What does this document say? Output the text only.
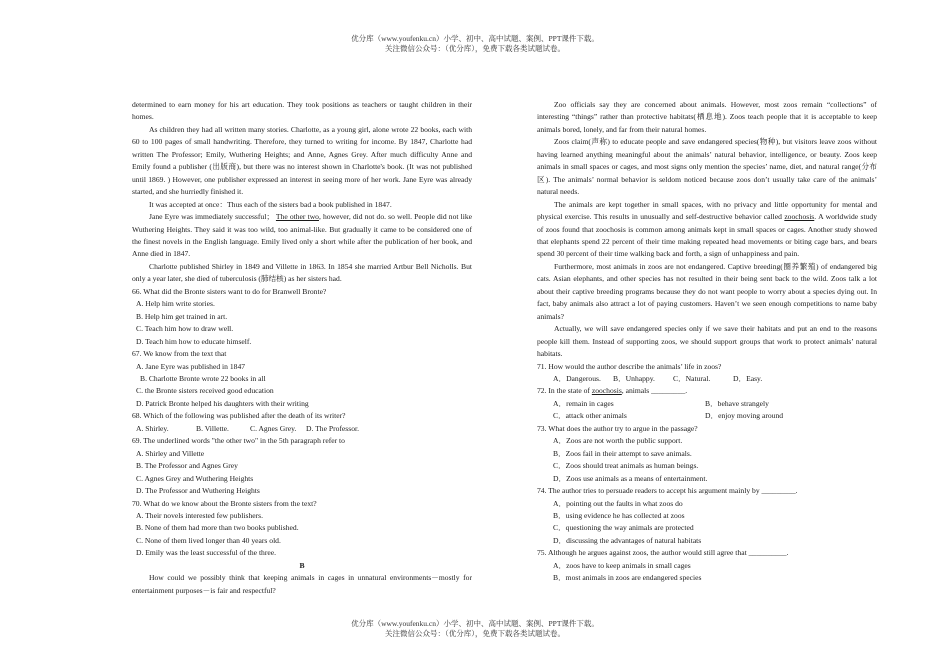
优分库（www.youfenku.cn）小学、初中、高中试题、案例、PPT课件下载。
关注微信公众号：（优分库），免费下载各类试题试卷。

determined to earn money for his art education. They took positions as teachers or taught children in their homes.

As children they had all written many stories. Charlotte, as a young girl, alone wrote 22 books, each with 60 to 100 pages of small handwriting. Therefore, they turned to writing for income. By 1847, Charlotte had written The Professor; Emily, Wuthering Heights; and Anne, Agnes Grey. After much difficulty Anne and Emily found a publisher (出版商), but there was no interest shown in Charlotte's book. (It was not published until 1869. ) However, one publisher expressed an interest in seeing more of her work. Jane Eyre was already started, and she hurriedly finished it.

It was accepted at once：Thus each of the sisters bad a book published in 1847.

Jane Eyre was immediately successful； The other two, however, did not do. so well. People did not like Wuthering Heights. They said it was too wild, too animal-like. But gradually it came to be considered one of the finest novels in the English language. Emily lived only a short while after the publication of her book, and Anne died in 1847.

Charlotte published Shirley in 1849 and Villette in 1863. In 1854 she married Artbur Bell Nicholls. But only a year later, she died of tuberculosis (肺结核) as her sisters had.

66. What did the Bronte sisters want to do for Branwell Bronte?

A. Help him write stories.

B. Help him get trained in art.

C. Teach him how to draw well.

D. Teach him how to educate himself.

67. We know from the text that

A. Jane Eyre was published in 1847

B. Charlotte Bronte wrote 22 books in all

C. the Bronte sisters received good education

D. Patrick Bronte helped his daughters with their writing

68. Which of the following was published after the death of its writer?

A. Shirley.	B. Villette.	C. Agnes Grey.	D. The Professor.

69. The underlined words "the other two" in the 5th paragraph refer to

A. Shirley and Villette

B. The Professor and Agnes Grey

C. Agnes Grey and Wuthering Heights

D. The Professor and Wuthering Heights

70. What do we know about the Bronte sisters from the text?

A. Their novels interested few publishers.

B. None of them had more than two books published.

C. None of them lived longer than 40 years old.

D. Emily was the least successful of the three.

B

How could we possibly think that keeping animals in cages in unnatural environments－mostly for entertainment purposes－is fair and respectful?

Zoo officials say they are concerned about animals. However, most zoos remain “collections” of interesting “things” rather than protective habitats(栖息地). Zoos teach people that it is acceptable to keep animals bored, lonely, and far from their natural homes.

Zoos claim(声称) to educate people and save endangered species(物种), but visitors leave zoos without having learned anything meaningful about the animals’ natural behavior, intelligence, or beauty. Zoos keep animals in small spaces or cages, and most signs only mention the species’ name, diet, and natural range(分布区). The animals’ normal behavior is seldom noticed because zoos don’t usually take care of the animals’ natural needs.

The animals are kept together in small spaces, with no privacy and little opportunity for mental and physical exercise. This results in unusually and self-destructive behavior called zoochosis. A worldwide study of zoos found that zoochosis is common among animals kept in small spaces or cages. Another study showed that elephants spend 22 percent of their time making repeated head movements or biting cage bars, and bears spend 30 percent of their time walking back and forth, a sign of unhappiness and pain.

Furthermore, most animals in zoos are not endangered. Captive breeding(圈养繁殖) of endangered big cats. Asian elephants, and other species has not resulted in their being sent back to the wild. Zoos talk a lot about their captive breeding programs because they do not want people to worry about a species dying out. In fact, baby animals also attract a lot of paying customers. Haven’t we seen enough competitions to name baby animals?

Actually, we will save endangered species only if we save their habitats and put an end to the reasons people kill them. Instead of supporting zoos, we should support groups that work to protect animals’ natural habitats.

71. How would the author describe the animals’ life in zoos?

A．Dangerous.	B．Unhappy.	C．Natural.	D．Easy.

72. In the state of zoochosis, animals _________.

A．remain in cages	B．behave strangely
C．attack other animals	D．enjoy moving around

73. What does the author try to argue in the passage?

A．Zoos are not worth the public support.

B．Zoos fail in their attempt to save animals.

C．Zoos should treat animals as human beings.

D．Zoos use animals as a means of entertainment.

74. The author tries to persuade readers to accept his argument mainly by _________.

A．pointing out the faults in what zoos do

B．using evidence he has collected at zoos

C．questioning the way animals are protected

D．discussing the advantages of natural habitats

75. Although he argues against zoos, the author would still agree that __________.

A．zoos have to keep animals in small cages

B．most animals in zoos are endangered species

优分库（www.youfenku.cn）小学、初中、高中试题、案例、PPT课件下载。
关注微信公众号：（优分库），免费下载各类试题试卷。
